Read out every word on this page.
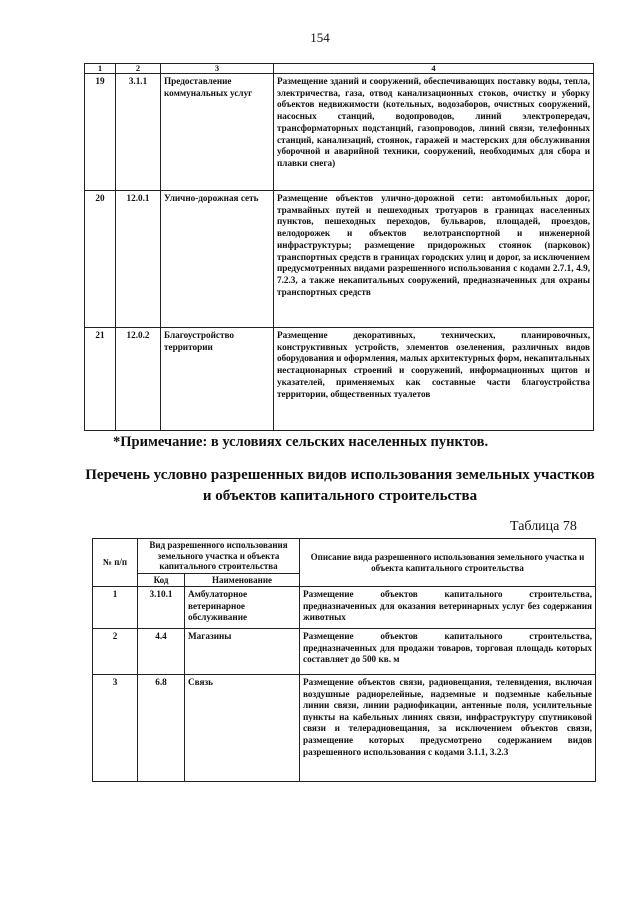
154
1	2	3	4
19	3.1.1	Предоставление коммунальных услуг	Размещение зданий и сооружений, обеспечивающих поставку воды, тепла, электричества, газа, отвод канализационных стоков, очистку и уборку объектов недвижимости (котельных, водозаборов, очистных сооружений, насосных станций, водопроводов, линий электропередач, трансформаторных подстанций, газопроводов, линий связи, телефонных станций, канализаций, стоянок, гаражей и мастерских для обслуживания уборочной и аварийной техники, сооружений, необходимых для сбора и плавки снега)
20	12.0.1	Улично-дорожная сеть	Размещение объектов улично-дорожной сети: автомобильных дорог, трамвайных путей и пешеходных тротуаров в границах населенных пунктов, пешеходных переходов, бульваров, площадей, проездов, велодорожек и объектов велотранспортной и инженерной инфраструктуры; размещение придорожных стоянок (парковок) транспортных средств в границах городских улиц и дорог, за исключением предусмотренных видами разрешенного использования с кодами 2.7.1, 4.9, 7.2.3, а также некапитальных сооружений, предназначенных для охраны транспортных средств
21	12.0.2	Благоустройство территории	Размещение декоративных, технических, планировочных, конструктивных устройств, элементов озеленения, различных видов оборудования и оформления, малых архитектурных форм, некапитальных нестационарных строений и сооружений, информационных щитов и указателей, применяемых как составные части благоустройства территории, общественных туалетов
*Примечание: в условиях сельских населенных пунктов.
Перечень условно разрешенных видов использования земельных участков и объектов капитального строительства
Таблица 78
№ п/п	Вид разрешенного использования земельного участка и объекта капитального строительства		Описание вида разрешенного использования земельного участка и объекта капитального строительства
	Код	Наименование	
1	3.10.1	Амбулаторное ветеринарное обслуживание	Размещение объектов капитального строительства, предназначенных для оказания ветеринарных услуг без содержания животных
2	4.4	Магазины	Размещение объектов капитального строительства, предназначенных для продажи товаров, торговая площадь которых составляет до 500 кв. м
3	6.8	Связь	Размещение объектов связи, радиовещания, телевидения, включая воздушные радиорелейные, надземные и подземные кабельные линии связи, линии радиофикации, антенные поля, усилительные пункты на кабельных линиях связи, инфраструктуру спутниковой связи и телерадиовещания, за исключением объектов связи, размещение которых предусмотрено содержанием видов разрешенного использования с кодами 3.1.1, 3.2.3
